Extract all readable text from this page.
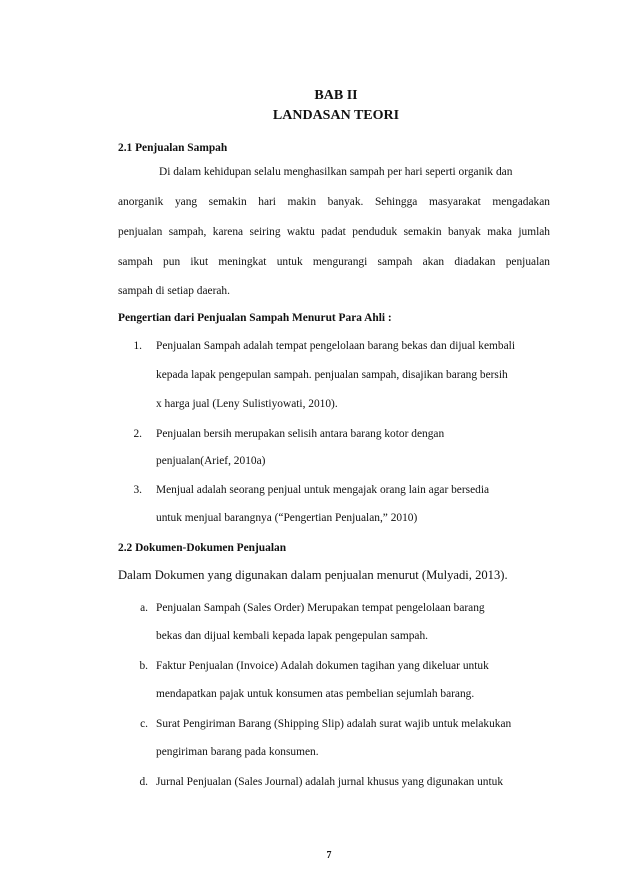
BAB II
LANDASAN TEORI
2.1 Penjualan Sampah
Di dalam kehidupan selalu menghasilkan sampah per hari seperti organik dan
anorganik yang semakin hari makin banyak. Sehingga masyarakat mengadakan
penjualan sampah, karena seiring waktu padat penduduk semakin banyak maka jumlah
sampah pun ikut meningkat untuk mengurangi sampah akan diadakan penjualan
sampah di setiap daerah.
Pengertian dari Penjualan Sampah Menurut Para Ahli :
1. Penjualan Sampah adalah tempat pengelolaan barang bekas dan dijual kembali
kepada lapak pengepulan sampah. penjualan sampah, disajikan barang bersih
x harga jual (Leny Sulistiyowati, 2010).
2. Penjualan bersih merupakan selisih antara barang kotor dengan
penjualan(Arief, 2010a)
3. Menjual adalah seorang penjual untuk mengajak orang lain agar bersedia
untuk menjual barangnya (“Pengertian Penjualan,” 2010)
2.2 Dokumen-Dokumen Penjualan
Dalam Dokumen yang digunakan dalam penjualan menurut (Mulyadi, 2013).
a. Penjualan Sampah (Sales Order) Merupakan tempat pengelolaan barang
bekas dan dijual kembali kepada lapak pengepulan sampah.
b. Faktur Penjualan (Invoice) Adalah dokumen tagihan yang dikeluar untuk
mendapatkan pajak untuk konsumen atas pembelian sejumlah barang.
c. Surat Pengiriman Barang (Shipping Slip) adalah surat wajib untuk melakukan
pengiriman barang pada konsumen.
d. Jurnal Penjualan (Sales Journal) adalah jurnal khusus yang digunakan untuk
7
